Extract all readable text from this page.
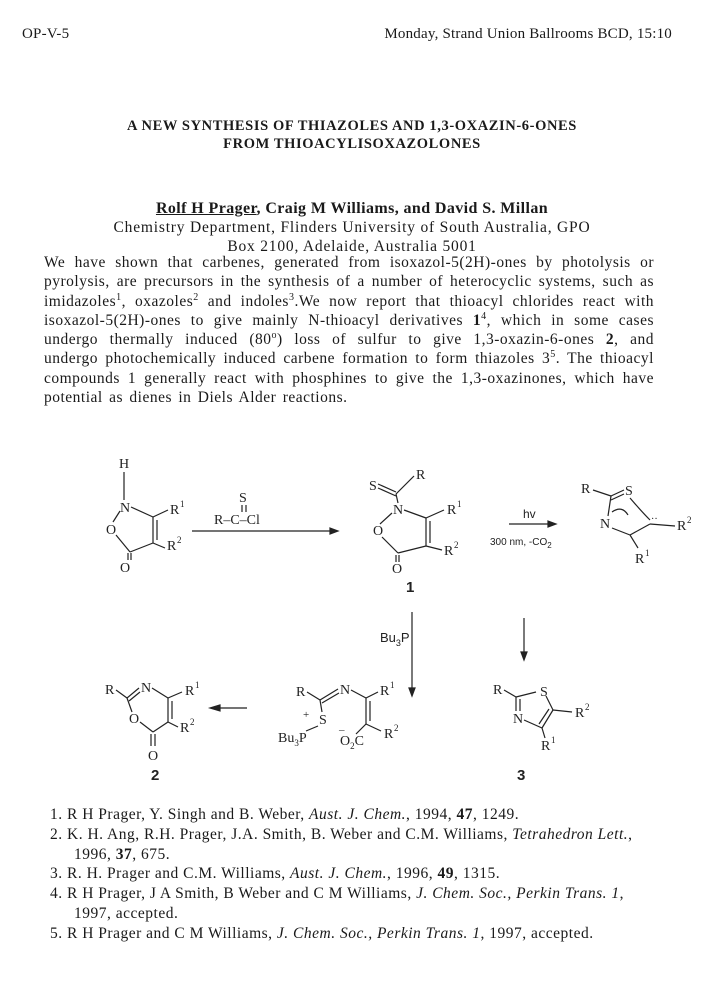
OP-V-5	Monday, Strand Union Ballrooms BCD, 15:10
A NEW SYNTHESIS OF THIAZOLES AND 1,3-OXAZIN-6-ONES
FROM THIOACYLISOXAZOLONES
Rolf H Prager, Craig M Williams, and David S. Millan
Chemistry Department, Flinders University of South Australia, GPO
Box 2100, Adelaide, Australia 5001
We have shown that carbenes, generated from isoxazol-5(2H)-ones by photolysis or pyrolysis, are precursors in the synthesis of a number of heterocyclic systems, such as imidazoles$^1$, oxazoles$^2$ and indoles$^3$.We now report that thioacyl chlorides react with isoxazol-5(2H)-ones to give mainly N-thioacyl derivatives $1^4$, which in some cases undergo thermally induced (80$^o$) loss of sulfur to give 1,3-oxazin-6-ones 2, and undergo photochemically induced carbene formation to form thiazoles $3^5$. The thioacyl compounds 1 generally react with phosphines to give the 1,3-oxazinones, which have potential as dienes in Diels Alder reactions.
H
N
O
O
R 1
R 2
S
R–C–Cl
S
R
N
O
O
R 1
R 2
1
hv
300 nm, $-CO_2$
R S
N	R 2
R 1
··
$Bu_3P$
R N R 1
O
R 2
O
2
R N R 1
S
+
$Bu_3P$
–
$O_2C$ R 2
R	S
N	R 2
R 1
3
1. R H Prager, Y. Singh and B. Weber, Aust. J. Chem., 1994, 47, 1249.
2. K. H. Ang, R.H. Prager, J.A. Smith, B. Weber and C.M. Williams, Tetrahedron Lett., 1996, 37, 675.
3. R. H. Prager and C.M. Williams, Aust. J. Chem., 1996, 49, 1315.
4. R H Prager, J A Smith, B Weber and C M Williams, J. Chem. Soc., Perkin Trans. 1, 1997, accepted.
5. R H Prager and C M Williams, J. Chem. Soc., Perkin Trans. 1, 1997, accepted.
